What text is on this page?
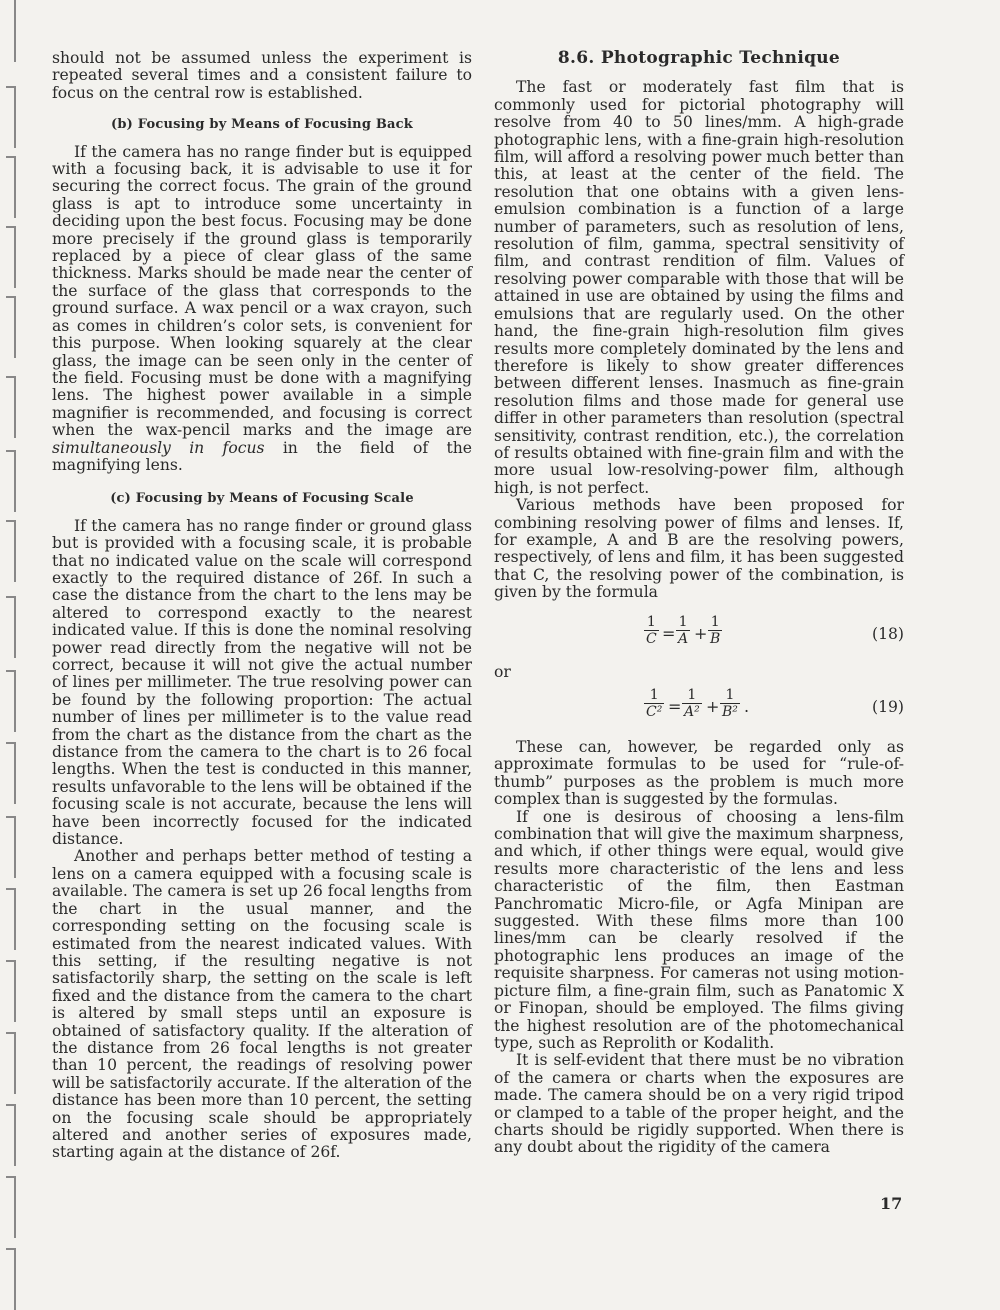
should not be assumed unless the experiment is repeated several times and a consistent failure to focus on the central row is established.

(b) Focusing by Means of Focusing Back

If the camera has no range finder but is equipped with a focusing back, it is advisable to use it for securing the correct focus. The grain of the ground glass is apt to introduce some uncertainty in deciding upon the best focus. Focusing may be done more precisely if the ground glass is temporarily replaced by a piece of clear glass of the same thickness. Marks should be made near the center of the surface of the glass that corresponds to the ground surface. A wax pencil or a wax crayon, such as comes in children’s color sets, is convenient for this purpose. When looking squarely at the clear glass, the image can be seen only in the center of the field. Focusing must be done with a magnifying lens. The highest power available in a simple magnifier is recommended, and focusing is correct when the wax-pencil marks and the image are simultaneously in focus in the field of the magnifying lens.

(c) Focusing by Means of Focusing Scale

If the camera has no range finder or ground glass but is provided with a focusing scale, it is probable that no indicated value on the scale will correspond exactly to the required distance of 26f. In such a case the distance from the chart to the lens may be altered to correspond exactly to the nearest indicated value. If this is done the nominal resolving power read directly from the negative will not be correct, because it will not give the actual number of lines per millimeter. The true resolving power can be found by the following proportion: The actual number of lines per millimeter is to the value read from the chart as the distance from the chart as the distance from the camera to the chart is to 26 focal lengths. When the test is conducted in this manner, results unfavorable to the lens will be obtained if the focusing scale is not accurate, because the lens will have been incorrectly focused for the indicated distance.

Another and perhaps better method of testing a lens on a camera equipped with a focusing scale is available. The camera is set up 26 focal lengths from the chart in the usual manner, and the corresponding setting on the focusing scale is estimated from the nearest indicated values. With this setting, if the resulting negative is not satisfactorily sharp, the setting on the scale is left fixed and the distance from the camera to the chart is altered by small steps until an exposure is obtained of satisfactory quality. If the alteration of the distance from 26 focal lengths is not greater than 10 percent, the readings of resolving power will be satisfactorily accurate. If the alteration of the distance has been more than 10 percent, the setting on the focusing scale should be appropriately altered and another series of exposures made, starting again at the distance of 26f.

8.6. Photographic Technique

The fast or moderately fast film that is commonly used for pictorial photography will resolve from 40 to 50 lines/mm. A high-grade photographic lens, with a fine-grain high-resolution film, will afford a resolving power much better than this, at least at the center of the field. The resolution that one obtains with a given lens-emulsion combination is a function of a large number of parameters, such as resolution of lens, resolution of film, gamma, spectral sensitivity of film, and contrast rendition of film. Values of resolving power comparable with those that will be attained in use are obtained by using the films and emulsions that are regularly used. On the other hand, the fine-grain high-resolution film gives results more completely dominated by the lens and therefore is likely to show greater differences between different lenses. Inasmuch as fine-grain resolution films and those made for general use differ in other parameters than resolution (spectral sensitivity, contrast rendition, etc.), the correlation of results obtained with fine-grain film and with the more usual low-resolving-power film, although high, is not perfect.

Various methods have been proposed for combining resolving power of films and lenses. If, for example, A and B are the resolving powers, respectively, of lens and film, it has been suggested that C, the resolving power of the combination, is given by the formula

$\frac{1}{C} = \frac{1}{A} + \frac{1}{B}$	(18)
or
$\frac{1}{\text{C²}} = \frac{1}{\text{A²}} + \frac{1}{\text{B²}}$ .	(19)

These can, however, be regarded only as approximate formulas to be used for “rule-of-thumb” purposes as the problem is much more complex than is suggested by the formulas.

If one is desirous of choosing a lens-film combination that will give the maximum sharpness, and which, if other things were equal, would give results more characteristic of the lens and less characteristic of the film, then Eastman Panchromatic Micro-file, or Agfa Minipan are suggested. With these films more than 100 lines/mm can be clearly resolved if the photographic lens produces an image of the requisite sharpness. For cameras not using motion-picture film, a fine-grain film, such as Panatomic X or Finopan, should be employed. The films giving the highest resolution are of the photomechanical type, such as Reprolith or Kodalith.

It is self-evident that there must be no vibration of the camera or charts when the exposures are made. The camera should be on a very rigid tripod or clamped to a table of the proper height, and the charts should be rigidly supported. When there is any doubt about the rigidity of the camera

17
